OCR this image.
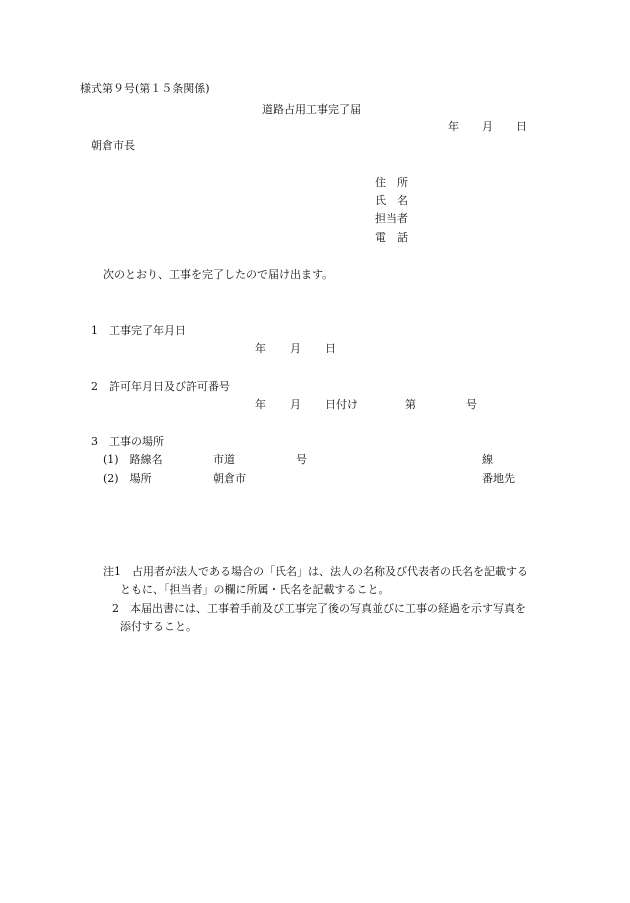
様式第９号(第１５条関係)
道路占用工事完了届
年 月 日
朝倉市長
住　所
氏　名
担当者
電　話
次のとおり、工事を完了したので届け出ます。
1　工事完了年月日
年 月 日
2　許可年月日及び許可番号
年 月 日付け	第	号
3　工事の場所
(1)　路線名	市道	号	線
(2)　場所	朝倉市	番地先
注1　占用者が法人である場合の「氏名」は、法人の名称及び代表者の氏名を記載する
ともに、「担当者」の欄に所属・氏名を記載すること。
2　本届出書には、工事着手前及び工事完了後の写真並びに工事の経過を示す写真を
添付すること。
